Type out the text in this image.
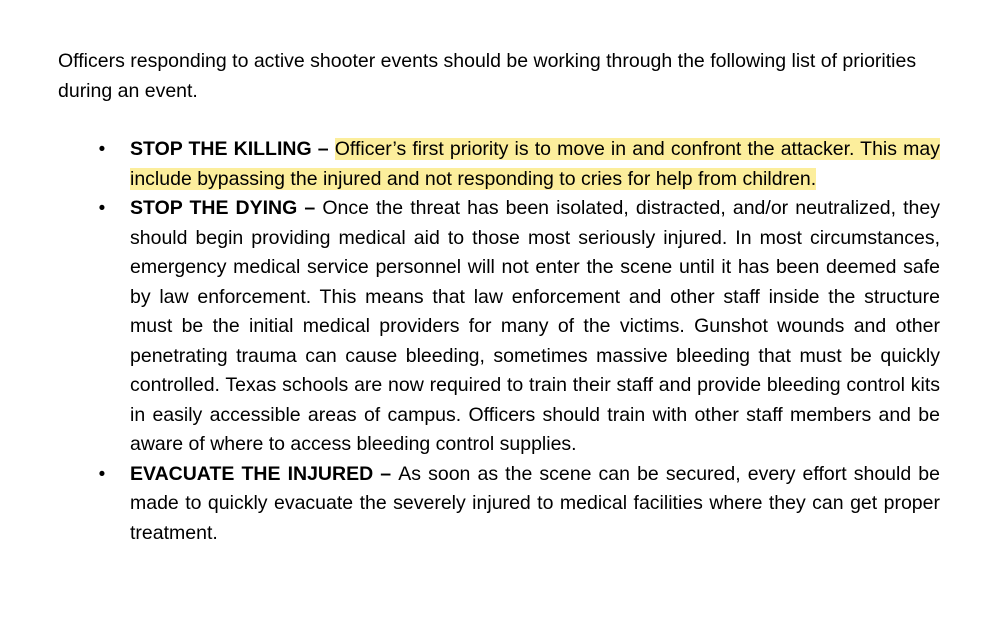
Officers responding to active shooter events should be working through the following list of priorities during an event.

•	STOP THE KILLING – Officer’s first priority is to move in and confront the attacker. This may include bypassing the injured and not responding to cries for help from children.
•	STOP THE DYING – Once the threat has been isolated, distracted, and/or neutralized, they should begin providing medical aid to those most seriously injured. In most circumstances, emergency medical service personnel will not enter the scene until it has been deemed safe by law enforcement. This means that law enforcement and other staff inside the structure must be the initial medical providers for many of the victims. Gunshot wounds and other penetrating trauma can cause bleeding, sometimes massive bleeding that must be quickly controlled. Texas schools are now required to train their staff and provide bleeding control kits in easily accessible areas of campus. Officers should train with other staff members and be aware of where to access bleeding control supplies.
•	EVACUATE THE INJURED – As soon as the scene can be secured, every effort should be made to quickly evacuate the severely injured to medical facilities where they can get proper treatment.
